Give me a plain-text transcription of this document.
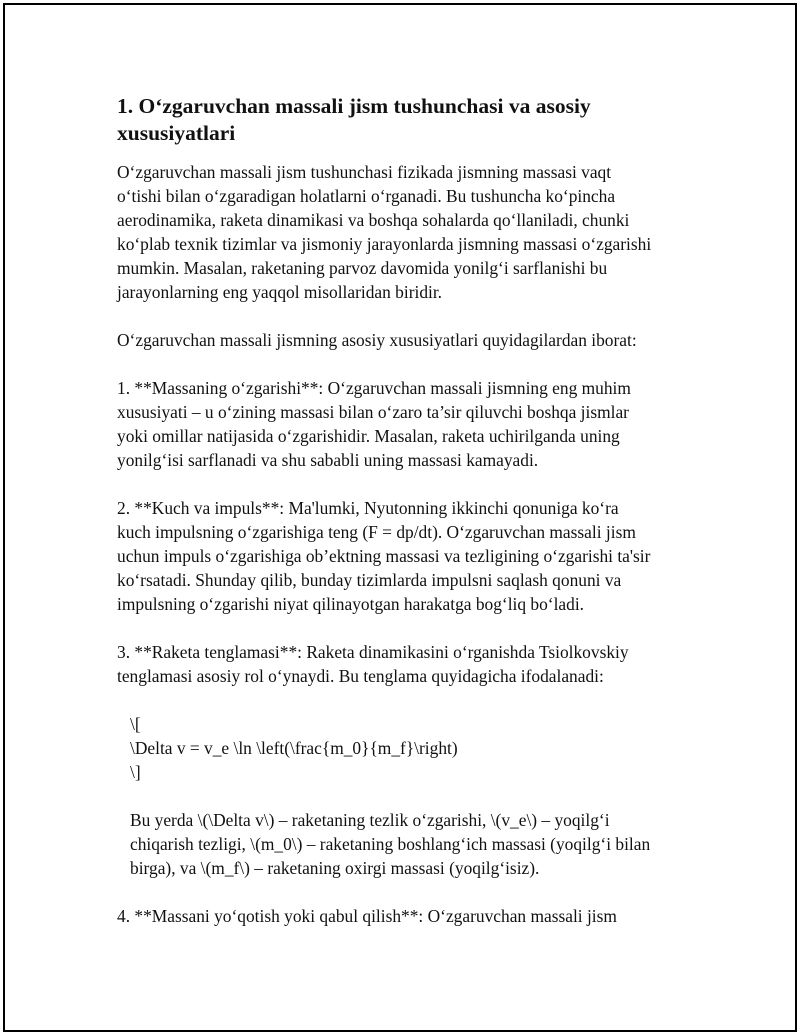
1. O‘zgaruvchan massali jism tushunchasi va asosiy xususiyatlari

O‘zgaruvchan massali jism tushunchasi fizikada jismning massasi vaqt
o‘tishi bilan o‘zgaradigan holatlarni o‘rganadi. Bu tushuncha ko‘pincha
aerodinamika, raketa dinamikasi va boshqa sohalarda qo‘llaniladi, chunki
ko‘plab texnik tizimlar va jismoniy jarayonlarda jismning massasi o‘zgarishi
mumkin. Masalan, raketaning parvoz davomida yonilg‘i sarflanishi bu
jarayonlarning eng yaqqol misollaridan biridir.

O‘zgaruvchan massali jismning asosiy xususiyatlari quyidagilardan iborat:

1. **Massaning o‘zgarishi**: O‘zgaruvchan massali jismning eng muhim
xususiyati – u o‘zining massasi bilan o‘zaro ta’sir qiluvchi boshqa jismlar
yoki omillar natijasida o‘zgarishidir. Masalan, raketa uchirilganda uning
yonilg‘isi sarflanadi va shu sababli uning massasi kamayadi.

2. **Kuch va impuls**: Ma'lumki, Nyutonning ikkinchi qonuniga ko‘ra
kuch impulsning o‘zgarishiga teng (F = dp/dt). O‘zgaruvchan massali jism
uchun impuls o‘zgarishiga ob’ektning massasi va tezligining o‘zgarishi ta'sir
ko‘rsatadi. Shunday qilib, bunday tizimlarda impulsni saqlash qonuni va
impulsning o‘zgarishi niyat qilinayotgan harakatga bog‘liq bo‘ladi.

3. **Raketa tenglamasi**: Raketa dinamikasini o‘rganishda Tsiolkovskiy
tenglamasi asosiy rol o‘ynaydi. Bu tenglama quyidagicha ifodalanadi:

\[
\Delta v = v_e \ln \left(\frac{m_0}{m_f}\right)
\]

Bu yerda \(\Delta v\) – raketaning tezlik o‘zgarishi, \(v_e\) – yoqilg‘i
chiqarish tezligi, \(m_0\) – raketaning boshlang‘ich massasi (yoqilg‘i bilan
birga), va \(m_f\) – raketaning oxirgi massasi (yoqilg‘isiz).

4. **Massani yo‘qotish yoki qabul qilish**: O‘zgaruvchan massali jism
